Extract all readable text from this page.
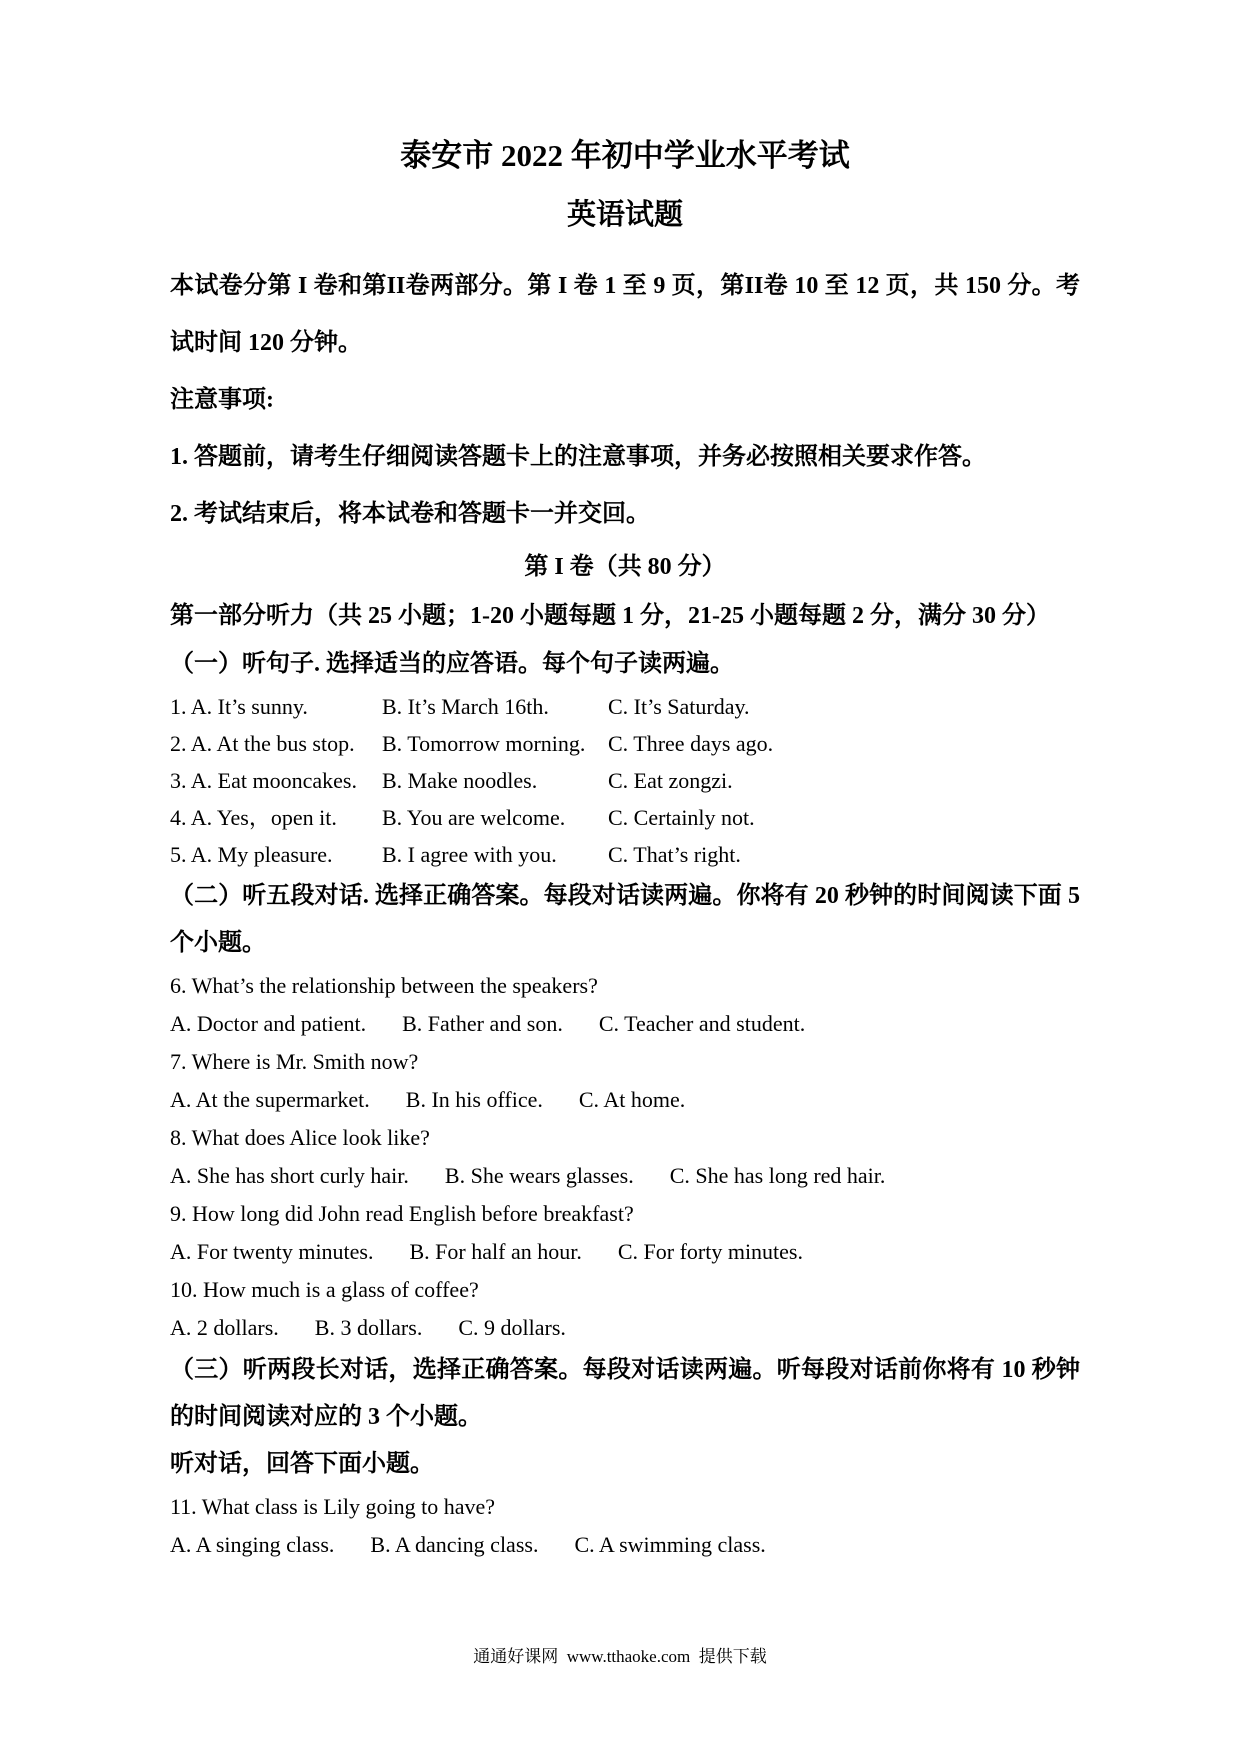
泰安市 2022 年初中学业水平考试
英语试题

本试卷分第 I 卷和第II卷两部分。第 I 卷 1 至 9 页，第II卷 10 至 12 页，共 150 分。考试时间 120 分钟。

注意事项:

1. 答题前，请考生仔细阅读答题卡上的注意事项，并务必按照相关要求作答。

2. 考试结束后，将本试卷和答题卡一并交回。

第 I 卷（共 80 分）

第一部分听力（共 25 小题；1-20 小题每题 1 分，21-25 小题每题 2 分，满分 30 分）

（一）听句子. 选择适当的应答语。每个句子读两遍。

1. A. It’s sunny.	B. It’s March 16th.	C. It’s Saturday.
2. A. At the bus stop.	B. Tomorrow morning.	C. Three days ago.
3. A. Eat mooncakes.	B. Make noodles.	C. Eat zongzi.
4. A. Yes，open it.	B. You are welcome.	C. Certainly not.
5. A. My pleasure.	B. I agree with you.	C. That’s right.

（二）听五段对话. 选择正确答案。每段对话读两遍。你将有 20 秒钟的时间阅读下面 5 个小题。

6. What’s the relationship between the speakers?

A. Doctor and patient. B. Father and son. C. Teacher and student.

7. Where is Mr. Smith now?

A. At the supermarket. B. In his office. C. At home.

8. What does Alice look like?

A. She has short curly hair. B. She wears glasses. C. She has long red hair.

9. How long did John read English before breakfast?

A. For twenty minutes. B. For half an hour. C. For forty minutes.

10. How much is a glass of coffee?

A. 2 dollars. B. 3 dollars. C. 9 dollars.

（三）听两段长对话，选择正确答案。每段对话读两遍。听每段对话前你将有 10 秒钟的时间阅读对应的 3 个小题。

听对话，回答下面小题。

11. What class is Lily going to have?

A. A singing class. B. A dancing class. C. A swimming class.
通通好课网  www.tthaoke.com  提供下载
